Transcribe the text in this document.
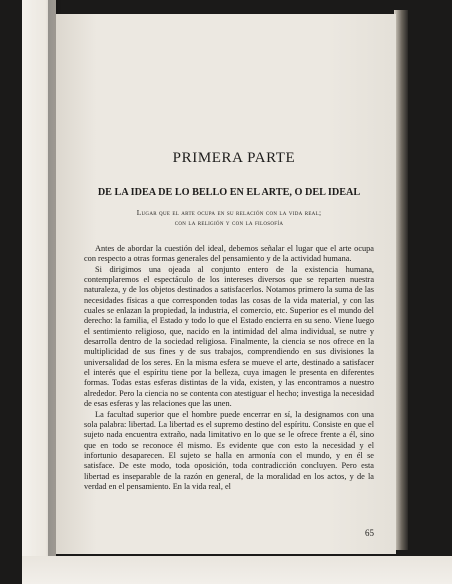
PRIMERA PARTE
DE LA IDEA DE LO BELLO EN EL ARTE, O DEL IDEAL
Lugar que el arte ocupa en su relación con la vida real;
con la religión y con la filosofía

Antes de abordar la cuestión del ideal, debemos señalar el lugar que el arte ocupa con respecto a otras formas generales del pensamiento y de la actividad humana.

Si dirigimos una ojeada al conjunto entero de la existencia humana, contemplaremos el espectáculo de los intereses diversos que se reparten nuestra naturaleza, y de los objetos destinados a satisfacerlos. Notamos primero la suma de las necesidades físicas a que corresponden todas las cosas de la vida material, y con las cuales se enlazan la propiedad, la industria, el comercio, etc. Superior es el mundo del derecho: la familia, el Estado y todo lo que el Estado encierra en su seno. Viene luego el sentimiento religioso, que, nacido en la intimidad del alma individual, se nutre y desarrolla dentro de la sociedad religiosa. Finalmente, la ciencia se nos ofrece en la multiplicidad de sus fines y de sus trabajos, comprendiendo en sus divisiones la universalidad de los seres. En la misma esfera se mueve el arte, destinado a satisfacer el interés que el espíritu tiene por la belleza, cuya imagen le presenta en diferentes formas. Todas estas esferas distintas de la vida, existen, y las encontramos a nuestro alrededor. Pero la ciencia no se contenta con atestiguar el hecho; investiga la necesidad de esas esferas y las relaciones que las unen.

La facultad superior que el hombre puede encerrar en sí, la designamos con una sola palabra: libertad. La libertad es el supremo destino del espíritu. Consiste en que el sujeto nada encuentra extraño, nada limitativo en lo que se le ofrece frente a él, sino que en todo se reconoce él mismo. Es evidente que con esto la necesidad y el infortunio desaparecen. El sujeto se halla en armonía con el mundo, y en él se satisface. De este modo, toda oposición, toda contradicción concluyen. Pero esta libertad es inseparable de la razón en general, de la moralidad en los actos, y de la verdad en el pensamiento. En la vida real, el

65
